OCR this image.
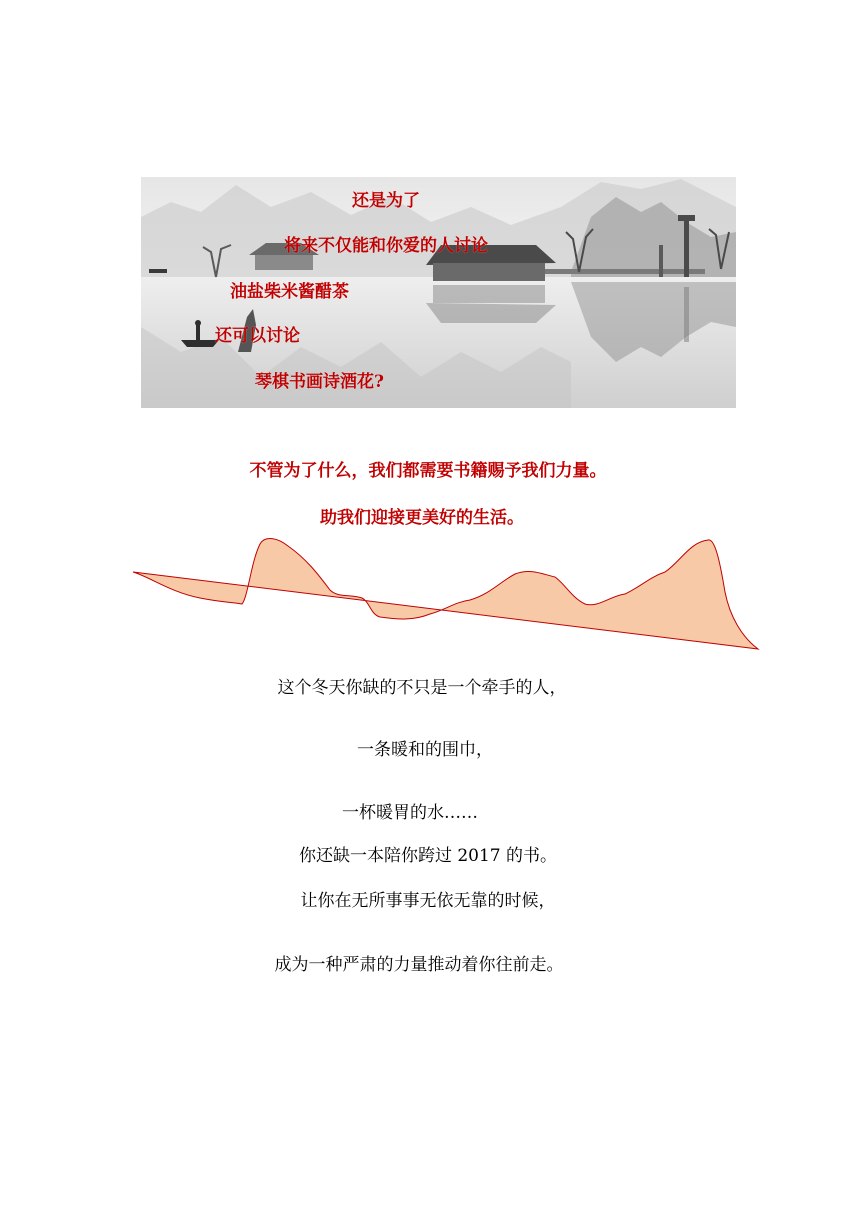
还是为了
将来不仅能和你爱的人讨论
油盐柴米酱醋茶
还可以讨论
琴棋书画诗酒花?
不管为了什么，我们都需要书籍赐予我们力量。
助我们迎接更美好的生活。
这个冬天你缺的不只是一个牵手的人，
一条暖和的围巾，
一杯暖胃的水……
你还缺一本陪你跨过 2017 的书。
让你在无所事事无依无靠的时候，
成为一种严肃的力量推动着你往前走。
